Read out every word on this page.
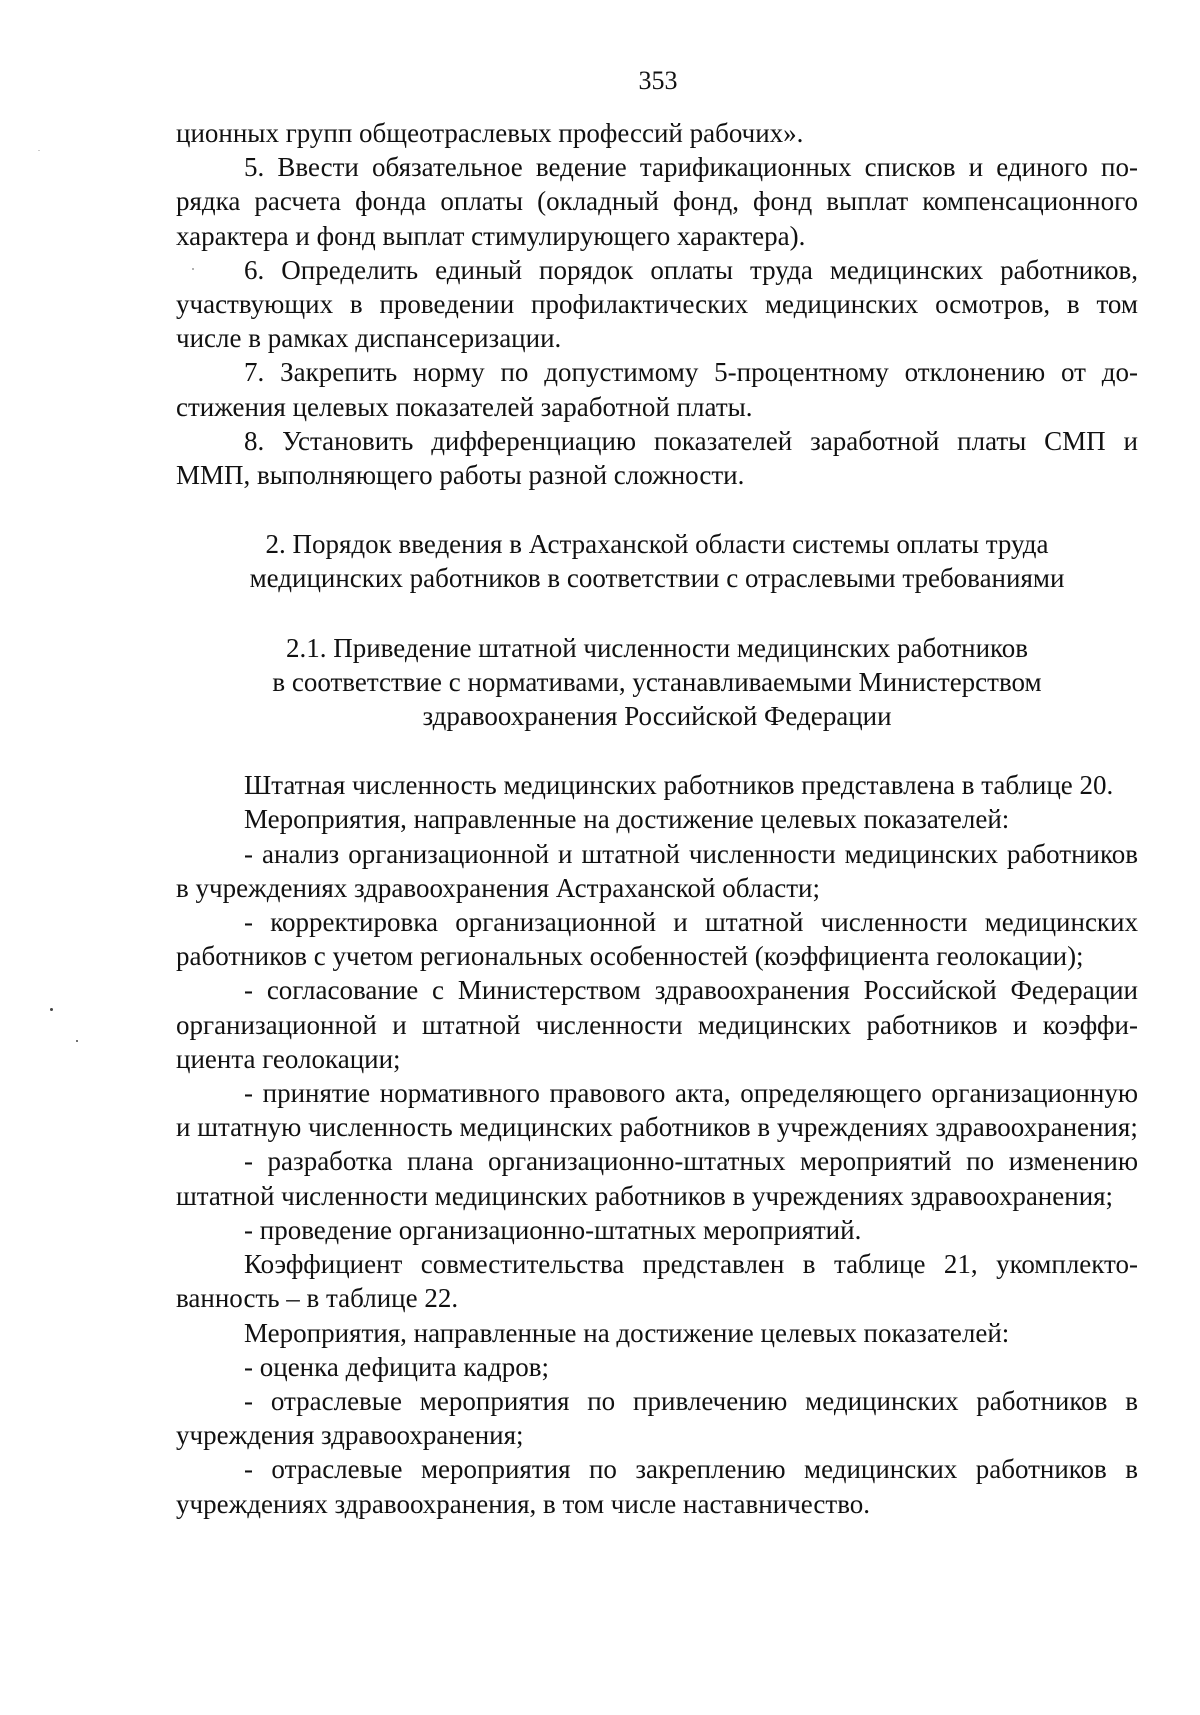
353

ционных групп общеотраслевых профессий рабочих».

5. Ввести обязательное ведение тарификационных списков и единого порядка расчета фонда оплаты (окладный фонд, фонд выплат компенсационного характера и фонд выплат стимулирующего характера).

6. Определить единый порядок оплаты труда медицинских работников, участвующих в проведении профилактических медицинских осмотров, в том числе в рамках диспансеризации.

7. Закрепить норму по допустимому 5-процентному отклонению от достижения целевых показателей заработной платы.

8. Установить дифференциацию показателей заработной платы СМП и ММП, выполняющего работы разной сложности.

2. Порядок введения в Астраханской области системы оплаты труда
медицинских работников в соответствии с отраслевыми требованиями
2.1. Приведение штатной численности медицинских работников
в соответствие с нормативами, устанавливаемыми Министерством
здравоохранения Российской Федерации

Штатная численность медицинских работников представлена в таблице 20.

Мероприятия, направленные на достижение целевых показателей:

- анализ организационной и штатной численности медицинских работников в учреждениях здравоохранения Астраханской области;

- корректировка организационной и штатной численности медицинских работников с учетом региональных особенностей (коэффициента геолокации);

- согласование с Министерством здравоохранения Российской Федерации организационной и штатной численности медицинских работников и коэффициента геолокации;

- принятие нормативного правового акта, определяющего организационную и штатную численность медицинских работников в учреждениях здравоохранения;

- разработка плана организационно-штатных мероприятий по изменению штатной численности медицинских работников в учреждениях здравоохранения;

- проведение организационно-штатных мероприятий.

Коэффициент совместительства представлен в таблице 21, укомплектованность – в таблице 22.

Мероприятия, направленные на достижение целевых показателей:

- оценка дефицита кадров;

- отраслевые мероприятия по привлечению медицинских работников в учреждения здравоохранения;

- отраслевые мероприятия по закреплению медицинских работников в учреждениях здравоохранения, в том числе наставничество.
